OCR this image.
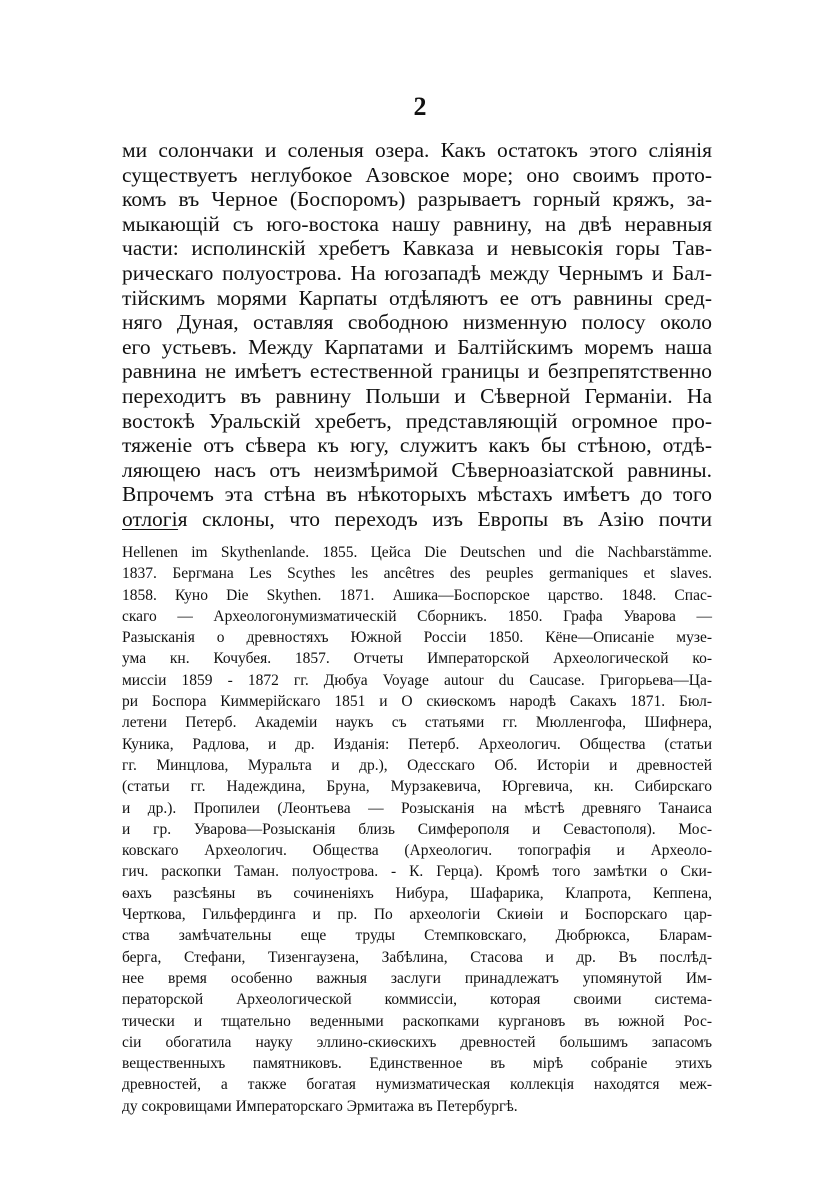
2
ми солончаки и соленыя озера. Какъ остатокъ этого сліянія
существуетъ неглубокое Азовское море; оно своимъ прото-
комъ въ Черное (Боспоромъ) разрываетъ горный кряжъ, за-
мыкающій съ юго-востока нашу равнину, на двѣ неравныя
части: исполинскій хребетъ Кавказа и невысокія горы Тав-
рическаго полуострова. На югозападѣ между Чернымъ и Бал-
тійскимъ морями Карпаты отдѣляютъ ее отъ равнины сред-
няго Дуная, оставляя свободною низменную полосу около
его устьевъ. Между Карпатами и Балтійскимъ моремъ наша
равнина не имѣетъ естественной границы и безпрепятственно
переходитъ въ равнину Польши и Сѣверной Германіи. На
востокѣ Уральскій хребетъ, представляющій огромное про-
тяженіе отъ сѣвера къ югу, служитъ какъ бы стѣною, отдѣ-
ляющею насъ отъ неизмѣримой Сѣверноазіатской равнины.
Впрочемъ эта стѣна въ нѣкоторыхъ мѣстахъ имѣетъ до того
отлогія склоны, что переходъ изъ Европы въ Азію почти
Hellenen im Skythenlande. 1855. Цейса Die Deutschen und die Nachbarstämme.
1837. Бергмана Les Scythes les ancêtres des peuples germaniques et slaves.
1858. Куно Die Skythen. 1871. Ашика—Боспорское царство. 1848. Спас-
скаго — Археологонумизматическій Сборникъ. 1850. Графа Уварова —
Разысканія о древностяхъ Южной Россіи 1850. Кёне—Описаніе музе-
ума кн. Кочубея. 1857. Отчеты Императорской Археологической ко-
миссіи 1859 - 1872 гг. Дюбуа Voyage autour du Caucase. Григорьева—Ца-
ри Боспора Киммерійскаго 1851 и О скиѳскомъ народѣ Сакахъ 1871. Бюл-
летени Петерб. Академіи наукъ съ статьями гг. Мюлленгофа, Шифнера,
Куника, Радлова, и др. Изданія: Петерб. Археологич. Общества (статьи
гг. Минцлова, Муральта и др.), Одесскаго Об. Исторіи и древностей
(статьи гг. Надеждина, Бруна, Мурзакевича, Юргевича, кн. Сибирскаго
и др.). Пропилеи (Леонтьева — Розысканія на мѣстѣ древняго Танаиса
и гр. Уварова—Розысканія близь Симферополя и Севастополя). Мос-
ковскаго Археологич. Общества (Археологич. топографія и Археоло-
гич. раскопки Таман. полуострова. - К. Герца). Кромѣ того замѣтки о Ски-
ѳахъ разсѣяны въ сочиненіяхъ Нибура, Шафарика, Клапрота, Кеппена,
Черткова, Гильфердинга и пр. По археологіи Скиѳіи и Боспорскаго цар-
ства замѣчательны еще труды Стемпковскаго, Дюбрюкса, Бларам-
берга, Стефани, Тизенгаузена, Забѣлина, Стасова и др. Въ послѣд-
нее время особенно важныя заслуги принадлежатъ упомянутой Им-
ператорской Археологической коммиссіи, которая своими система-
тически и тщательно веденными раскопками кургановъ въ южной Рос-
сіи обогатила науку эллино-скиѳскихъ древностей большимъ запасомъ
вещественныхъ памятниковъ. Единственное въ мірѣ собраніе этихъ
древностей, а также богатая нумизматическая коллекція находятся меж-
ду сокровищами Императорскаго Эрмитажа въ Петербургѣ.
